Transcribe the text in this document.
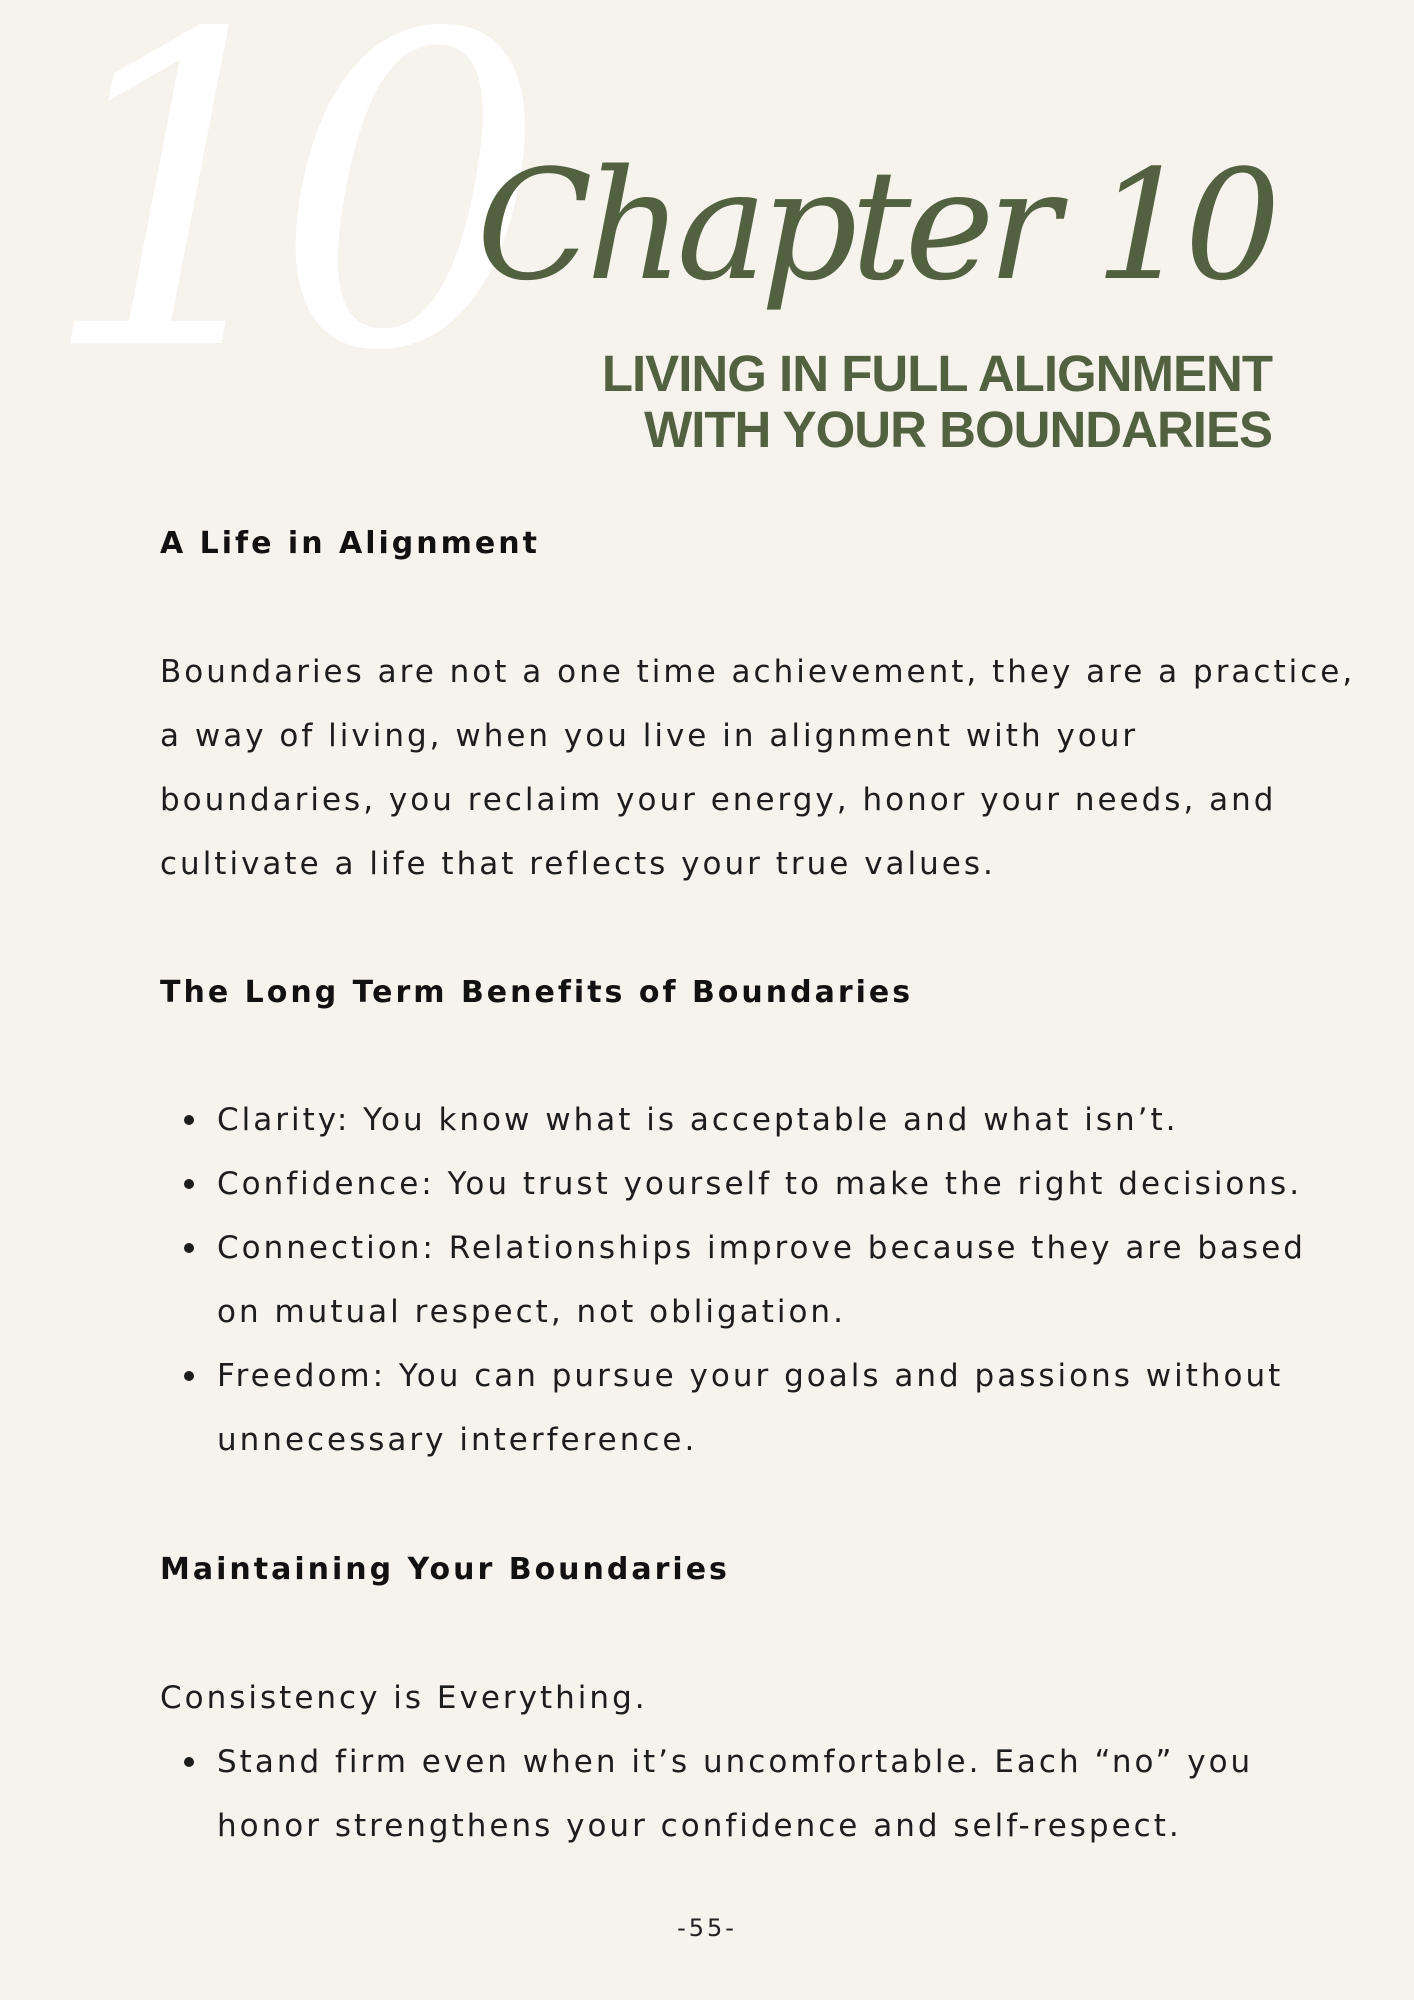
10
Chapter 10
LIVING IN FULL ALIGNMENT
WITH YOUR BOUNDARIES
A Life in Alignment
Boundaries are not a one time achievement, they are a practice,
a way of living, when you live in alignment with your
boundaries, you reclaim your energy, honor your needs, and
cultivate a life that reflects your true values.
The Long Term Benefits of Boundaries
Clarity: You know what is acceptable and what isn’t.
Confidence: You trust yourself to make the right decisions.
Connection: Relationships improve because they are based
on mutual respect, not obligation.
Freedom: You can pursue your goals and passions without
unnecessary interference.
Maintaining Your Boundaries
Consistency is Everything.
Stand firm even when it’s uncomfortable. Each “no” you
honor strengthens your confidence and self-respect.
-55-
